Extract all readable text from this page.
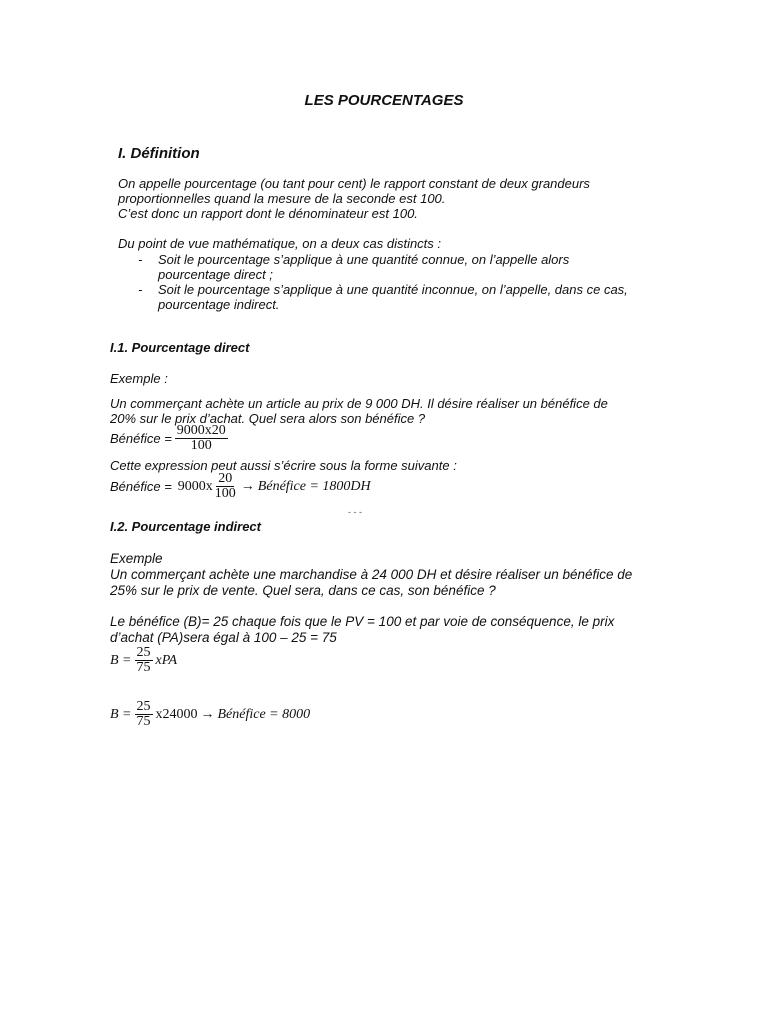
LES POURCENTAGES
I. Définition
On appelle pourcentage (ou tant pour cent) le rapport constant de deux grandeurs
proportionnelles quand la mesure de la seconde est 100.
C’est donc un rapport dont le dénominateur est 100.
Du point de vue mathématique, on a deux cas distincts :
-	Soit le pourcentage s’applique à une quantité connue, on l’appelle alors
pourcentage direct ;
-	Soit le pourcentage s’applique à une quantité inconnue, on l’appelle, dans ce cas,
pourcentage indirect.
I.1. Pourcentage direct
Exemple :
Un commerçant achète un article au prix de 9 000 DH. Il désire réaliser un bénéfice de
20% sur le prix d’achat. Quel sera alors son bénéfice ?
Bénéfice = $\frac{9000x20}{100}$
Cette expression peut aussi s’écrire sous la forme suivante :
Bénéfice = $9000x \frac{20}{100}$ → Bénéfice = 1800DH
- - -
I.2. Pourcentage indirect
Exemple
Un commerçant achète une marchandise à 24 000 DH et désire réaliser un bénéfice de
25% sur le prix de vente. Quel sera, dans ce cas, son bénéfice ?
Le bénéfice (B)= 25 chaque fois que le PV = 100 et par voie de conséquence, le prix
d’achat (PA)sera égal à 100 – 25 = 75
$B = \frac{25}{75}$ xPA
$B = \frac{25}{75} x24000$ → Bénéfice = 8000
